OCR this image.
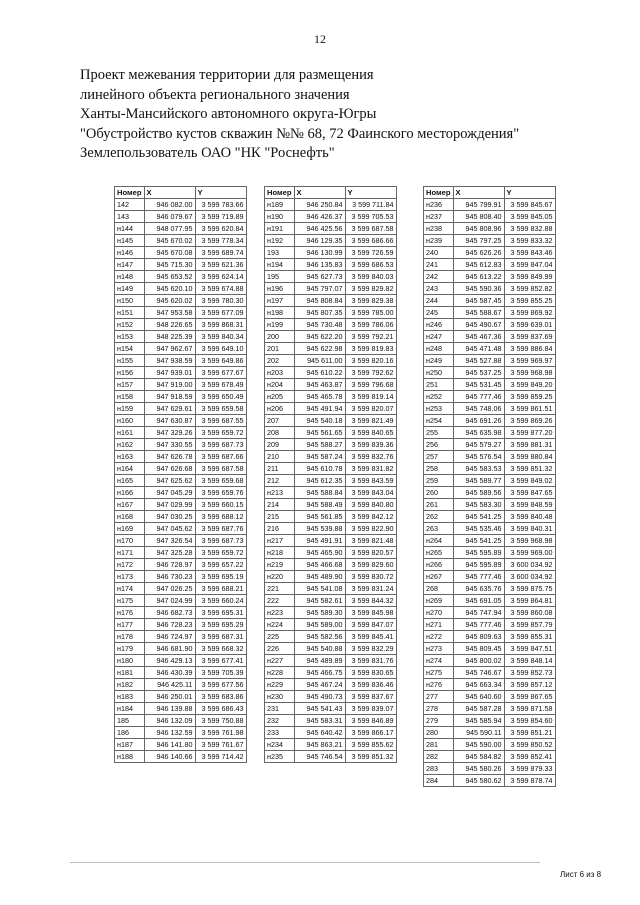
12
Проект межевания территории для размещения
линейного объекта регионального значения
Ханты-Мансийского автономного округа-Югры
"Обустройство кустов скважин №№ 68, 72 Фаинского месторождения"
Землепользователь ОАО "НК "Роснефть"
Номер	X	Y
142	946 082.00	3 599 783.66
143	946 079.67	3 599 719.89
н144	948 077.95	3 599 620.84
н145	945 670.02	3 599 778.34
н146	945 670.08	3 599 689.74
н147	945 715.30	3 599 621.36
н148	945 653.52	3 599 624.14
н149	945 620.10	3 599 674.88
н150	945 620.02	3 599 780.30
н151	947 953.58	3 599 677.09
н152	948 226.65	3 599 868.31
н153	948 225.39	3 599 840.34
н154	947 962.67	3 599 649.10
н155	947 938.59	3 599 649.86
н156	947 939.01	3 599 677.67
н157	947 919.00	3 599 678.49
н158	947 918.59	3 599 650.49
н159	947 629.61	3 599 659.58
н160	947 630.87	3 599 687.55
н161	947 329.26	3 599 659.72
н162	947 330.55	3 599 687.73
н163	947 626.78	3 599 687.66
н164	947 626.68	3 599 687.58
н165	947 625.62	3 599 659.68
н166	947 045.29	3 599 659.76
н167	947 029.99	3 599 660.15
н168	947 030.25	3 599 688.12
н169	947 045.62	3 599 687.76
н170	947 326.54	3 599 687.73
н171	947 325.28	3 599 659.72
н172	946 728.97	3 599 657.22
н173	946 730.23	3 599 695.19
н174	947 026.25	3 599 688.21
н175	947 024.99	3 599 660.24
н176	946 682.73	3 599 695.31
н177	946 728.23	3 599 695.29
н178	946 724.97	3 599 687.31
н179	946 681.90	3 599 668.32
н180	946 429.13	3 599 677.41
н181	946 430.39	3 599 705.39
н182	946 425.11	3 599 677.56
н183	946 250.01	3 599 683.86
н184	946 139.88	3 599 686.43
185	946 132.09	3 599 750.88
186	946 132.59	3 599 761.98
н187	946 141.80	3 599 761.67
н188	946 140.66	3 599 714.42
Номер	X	Y
н189	946 250.84	3 599 711.84
н190	946 426.37	3 599 705.53
н191	946 425.56	3 599 687.58
н192	946 129.35	3 599 686.66
193	946 130.99	3 599 726.59
н194	946 135.83	3 599 686.53
195	945 627.73	3 599 840.03
н196	945 797.07	3 599 829.82
н197	945 808.84	3 599 829.38
н198	945 807.35	3 599 785.00
н199	945 730.48	3 599 786.06
200	945 622.20	3 599 792.21
201	945 622.98	3 599 819.83
202	945 611.00	3 599 820.16
н203	945 610.22	3 599 792.62
н204	945 463.87	3 599 796.68
н205	945 465.78	3 599 819.14
н206	945 491.94	3 599 820.07
207	945 540.18	3 599 821.49
208	945 561.65	3 599 840.65
209	945 588.27	3 599 839.36
210	945 587.24	3 599 832.76
211	945 610.78	3 599 831.82
212	945 612.35	3 599 843.59
н213	945 588.84	3 599 843.04
214	945 588.49	3 599 840.80
215	945 561.85	3 599 842.12
216	945 539.88	3 599 822.90
н217	945 491.91	3 599 821.48
н218	945 465.90	3 599 820.57
н219	945 466.68	3 599 829.60
н220	945 489.90	3 599 830.72
221	945 541.08	3 599 831.24
222	945 582.61	3 599 844.32
н223	945 589.30	3 599 845.98
н224	945 589.00	3 599 847.07
225	945 582.56	3 599 845.41
226	945 540.88	3 599 832.29
н227	945 489.89	3 599 831.76
н228	945 466.75	3 599 830.65
н229	945 467.24	3 599 836.46
н230	945 490.73	3 599 837.67
231	945 541.43	3 599 839.07
232	945 583.31	3 599 846.89
233	945 640.42	3 599 866.17
н234	945 863.21	3 599 855.62
н235	945 746.54	3 599 851.32
Номер	X	Y
н236	945 799.91	3 599 845.67
н237	945 808.40	3 599 845.05
н238	945 808.96	3 599 832.88
н239	945 797.25	3 599 833.32
240	945 626.26	3 599 843.46
241	945 612.83	3 599 847.04
242	945 613.22	3 599 849.99
243	945 590.36	3 599 852.82
244	945 587.45	3 599 855.25
245	945 588.67	3 599 869.92
н246	945 490.67	3 599 639.01
н247	945 467.36	3 599 837.69
н248	945 471.48	3 599 886.84
н249	945 527.88	3 599 969.97
н250	945 537.25	3 599 968.98
251	945 531.45	3 599 849.20
н252	945 777.46	3 599 859.25
н253	945 748.06	3 599 861.51
н254	945 691.26	3 599 869.26
255	945 635.98	3 599 877.20
256	945 579.27	3 599 881.31
257	945 576.54	3 599 880.84
258	945 583.53	3 599 851.32
259	945 589.77	3 599 849.02
260	945 589.56	3 599 847.65
261	945 583.30	3 599 848.59
262	945 541.25	3 599 840.48
263	945 535.46	3 599 840.31
н264	945 541.25	3 599 968.98
н265	945 595.89	3 599 969.00
н266	945 595.89	3 600 034.92
н267	945 777.46	3 600 034.92
268	945 635.76	3 599 875.75
н269	945 691.05	3 599 864.81
н270	945 747.94	3 599 860.08
н271	945 777.46	3 599 857.79
н272	945 809.63	3 599 855.31
н273	945 809.45	3 599 847.51
н274	945 800.02	3 599 848.14
н275	945 746.67	3 599 852.73
н276	945 663.34	3 599 857.12
277	945 640.60	3 599 867.65
278	945 587.28	3 599 871.58
279	945 585.94	3 599 854.60
280	945 590.11	3 599 851.21
281	945 590.00	3 599 850.52
282	945 584.82	3 599 852.41
283	945 580.26	3 599 879.33
284	945 580.62	3 599 878.74
Лист 6 из 8
